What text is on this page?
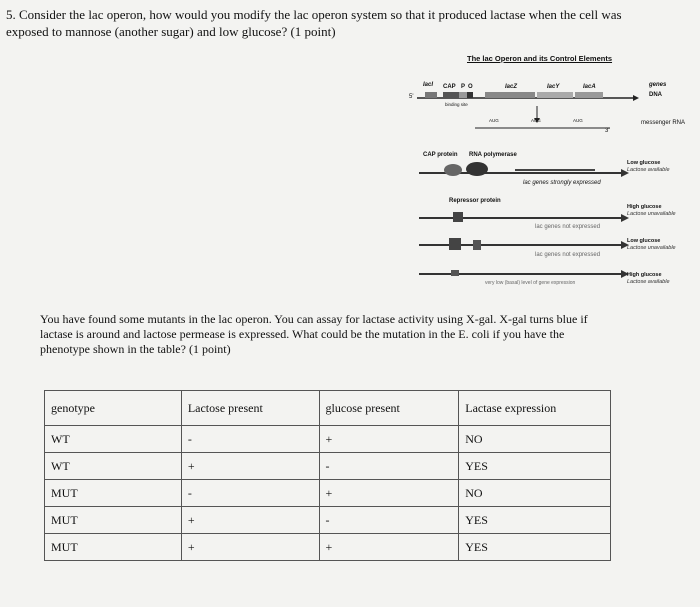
5. Consider the lac operon, how would you modify the lac operon system so that it produced lactase when the cell was exposed to mannose (another sugar) and low glucose? (1 point)
The lac Operon and its Control Elements
lacI CAP P O	lacZ	lacY	lacA
binding site
5'
AUG	AUG	AUG
3'
genes
DNA
messenger RNA
CAP protein RNA polymerase
lac genes strongly expressed
Repressor protein
lac genes not expressed
lac genes not expressed
very low (basal) level of gene expression
Low glucose
Lactose available
High glucose
Lactose unavailable
Low glucose
Lactose unavailable
High glucose
Lactose available
You have found some mutants in the lac operon. You can assay for lactase activity using X-gal. X-gal turns blue if lactase is around and lactose permease is expressed. What could be the mutation in the E. coli if you have the phenotype shown in the table? (1 point)
genotype	Lactose present	glucose present	Lactase expression
WT	-	+	NO
WT	+	-	YES
MUT	-	+	NO
MUT	+	-	YES
MUT	+	+	YES
